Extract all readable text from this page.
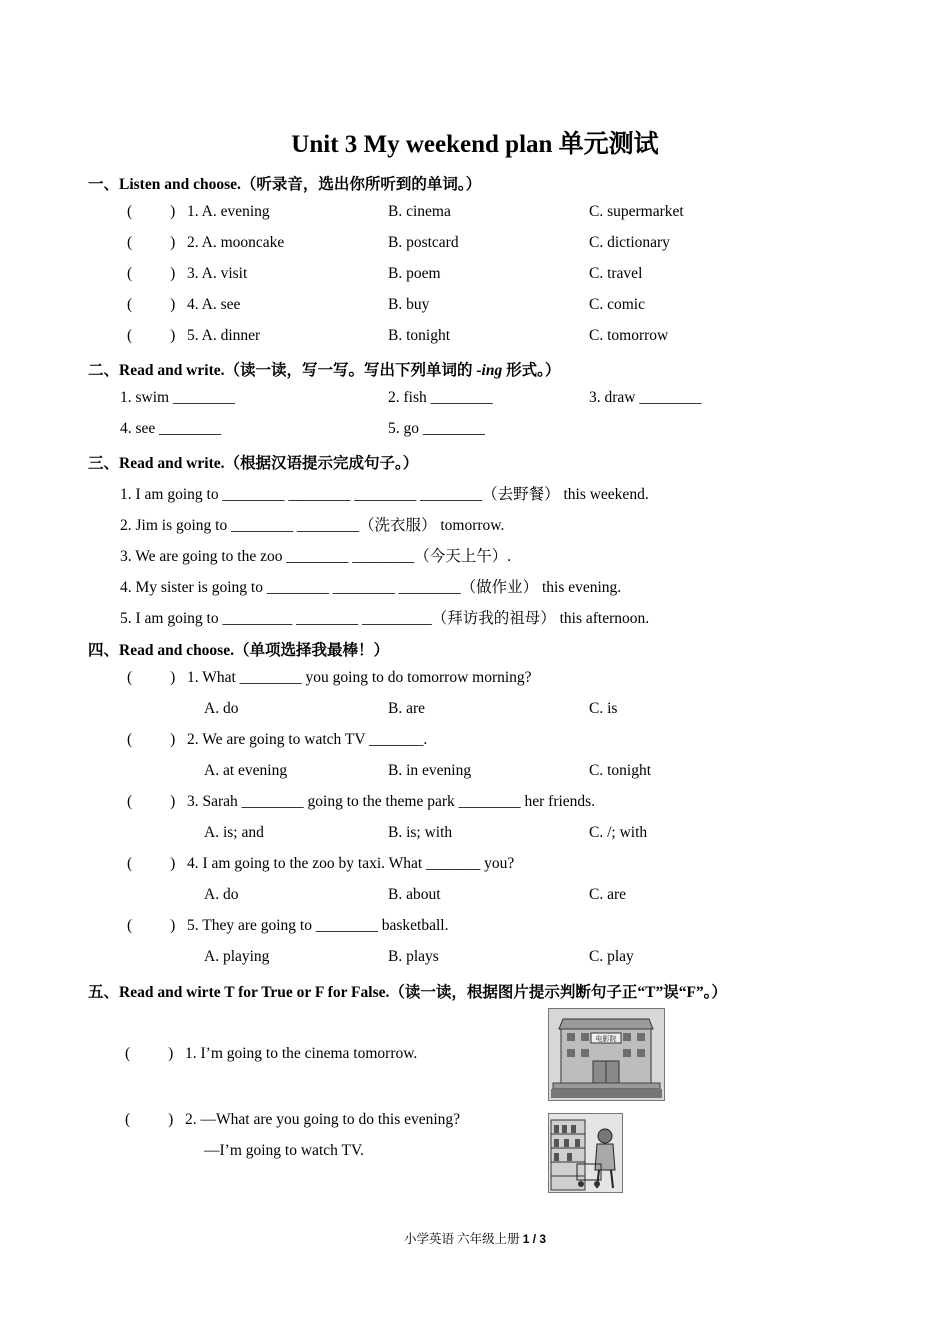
Unit 3 My weekend plan 单元测试
一、Listen and choose.（听录音，选出你所听到的单词。）
( ) 1. A. evening	B. cinema	C. supermarket
( ) 2. A. mooncake	B. postcard	C. dictionary
( ) 3. A. visit	B. poem	C. travel
( ) 4. A. see	B. buy	C. comic
( ) 5. A. dinner	B. tonight	C. tomorrow
二、Read and write.（读一读，写一写。写出下列单词的 -ing 形式。）
1. swim ________	2. fish ________	3. draw ________
4. see ________	5. go ________
三、Read and write.（根据汉语提示完成句子。）
1. I am going to ________ ________ ________ ________（去野餐） this weekend.
2. Jim is going to ________ ________（洗衣服） tomorrow.
3. We are going to the zoo ________ ________（今天上午）.
4. My sister is going to ________ ________ ________（做作业） this evening.
5. I am going to _________ ________ _________（拜访我的祖母） this afternoon.
四、Read and choose.（单项选择我最棒！）
( ) 1. What ________ you going to do tomorrow morning?
A. do	B. are	C. is
( ) 2. We are going to watch TV _______.
A. at evening	B. in evening	C. tonight
( ) 3. Sarah ________ going to the theme park ________ her friends.
A. is; and	B. is; with	C. /; with
( ) 4. I am going to the zoo by taxi. What _______ you?
A. do	B. about	C. are
( ) 5. They are going to ________ basketball.
A. playing	B. plays	C. play
五、Read and wirte T for True or F for False.（读一读，根据图片提示判断句子正“T”误“F”。）
( ) 1. I’m going to the cinema tomorrow.
电影院
( ) 2. —What are you going to do this evening?
—I’m going to watch TV.
小学英语 六年级上册 1 / 3
